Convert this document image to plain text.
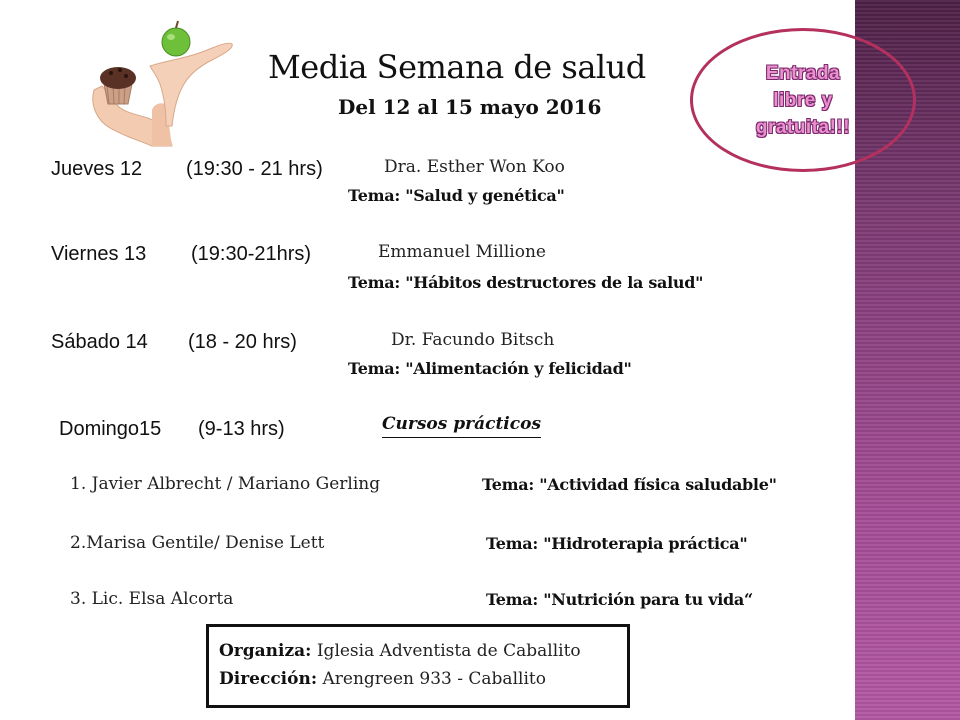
Media Semana de salud
Del 12 al 15 mayo 2016
Entrada
libre y
gratuita!!!
Jueves 12 (19:30 - 21 hrs)	Dra. Esther Won Koo
Tema: "Salud y genética"
Viernes 13 (19:30-21hrs)	Emmanuel Millione
Tema: "Hábitos destructores de la salud"
Sábado 14 (18 - 20 hrs)	Dr. Facundo Bitsch
Tema: "Alimentación y felicidad"
Domingo15 (9-13 hrs)	Cursos prácticos
1. Javier Albrecht / Mariano Gerling	Tema: "Actividad física saludable"
2.Marisa Gentile/ Denise Lett	Tema: "Hidroterapia práctica"
3. Lic. Elsa Alcorta	Tema: "Nutrición para tu vida“
Organiza: Iglesia Adventista de Caballito
Dirección: Arengreen 933 - Caballito
